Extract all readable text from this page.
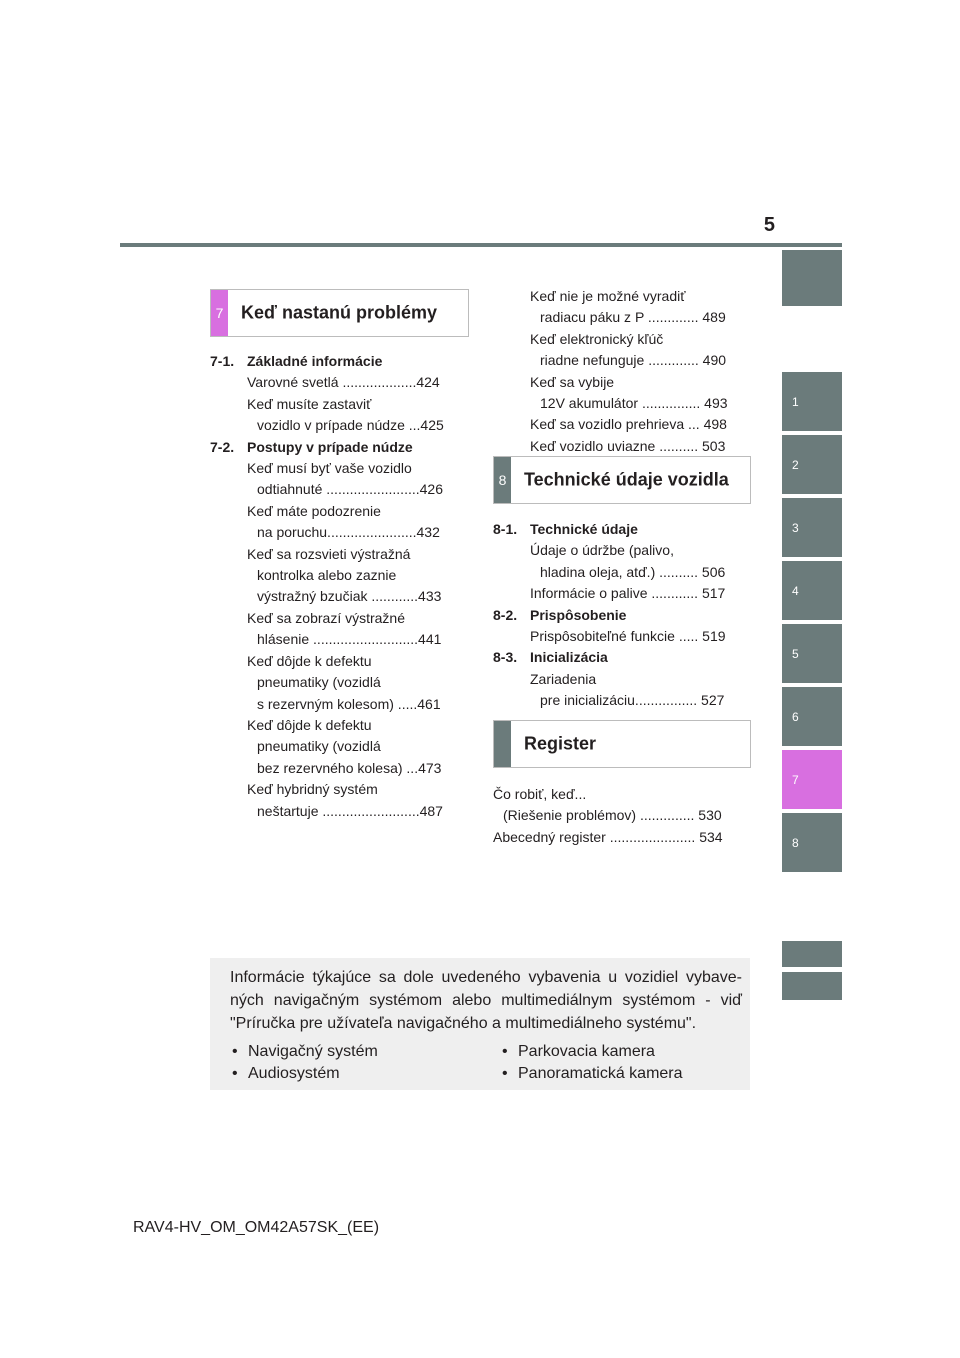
5
1
2
3
4
5
6
7
8
7 Keď nastanú problémy
7-1. Základné informácie
Varovné svetlá ...................424
Keď musíte zastaviť
vozidlo v prípade núdze ...425
7-2. Postupy v prípade núdze
Keď musí byť vaše vozidlo
odtiahnuté ........................426
Keď máte podozrenie
na poruchu.......................432
Keď sa rozsvieti výstražná
kontrolka alebo zaznie
výstražný bzučiak ............433
Keď sa zobrazí výstražné
hlásenie ...........................441
Keď dôjde k defektu
pneumatiky (vozidlá
s rezervným kolesom) .....461
Keď dôjde k defektu
pneumatiky (vozidlá
bez rezervného kolesa) ...473
Keď hybridný systém
neštartuje .........................487
Keď nie je možné vyradiť
radiacu páku z P ............. 489
Keď elektronický kľúč
riadne nefunguje ............. 490
Keď sa vybije
12V akumulátor ............... 493
Keď sa vozidlo prehrieva ... 498
Keď vozidlo uviazne .......... 503
8 Technické údaje vozidla
8-1. Technické údaje
Údaje o údržbe (palivo,
hladina oleja, atď.) .......... 506
Informácie o palive ............ 517
8-2. Prispôsobenie
Prispôsobiteľné funkcie ..... 519
8-3. Inicializácia
Zariadenia
pre inicializáciu................ 527
Register
Čo robiť, keď...
(Riešenie problémov) .............. 530
Abecedný register ...................... 534

Informácie týkajúce sa dole uvedeného vybavenia u vozidiel vybave-ných navigačným systémom alebo multimediálnym systémom - viď "Príručka pre užívateľa navigačného a multimediálneho systému".

• Navigačný systém
• Audiosystém
• Parkovacia kamera
• Panoramatická kamera
RAV4-HV_OM_OM42A57SK_(EE)
